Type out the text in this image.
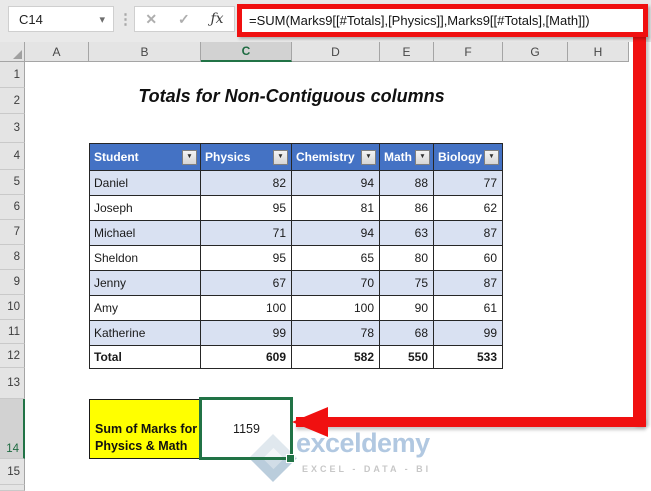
C14	▾ ⋮ ✕ ✓ ƒx	=SUM(Marks9[[#Totals],[Physics]],Marks9[[#Totals],[Math]])
A	B	C	D	E	F	G	H
1
2
3
4
5
6
7
8
9
10
11
12
13
14
15
Totals for Non-Contiguous columns
Student	▼ Physics	▼ Chemistry ▼ Math ▼ Biology ▼
Daniel	82	94	88	77
Joseph	95	81	86	62
Michael	71	94	63	87
Sheldon	95	65	80	60
Jenny	67	70	75	87
Amy	100	100	90	61
Katherine	99	78	68	99
Total	609	582	550	533
Sum of Marks for
Physics & Math
1159 exceldemy
EXCEL - DATA - BI
